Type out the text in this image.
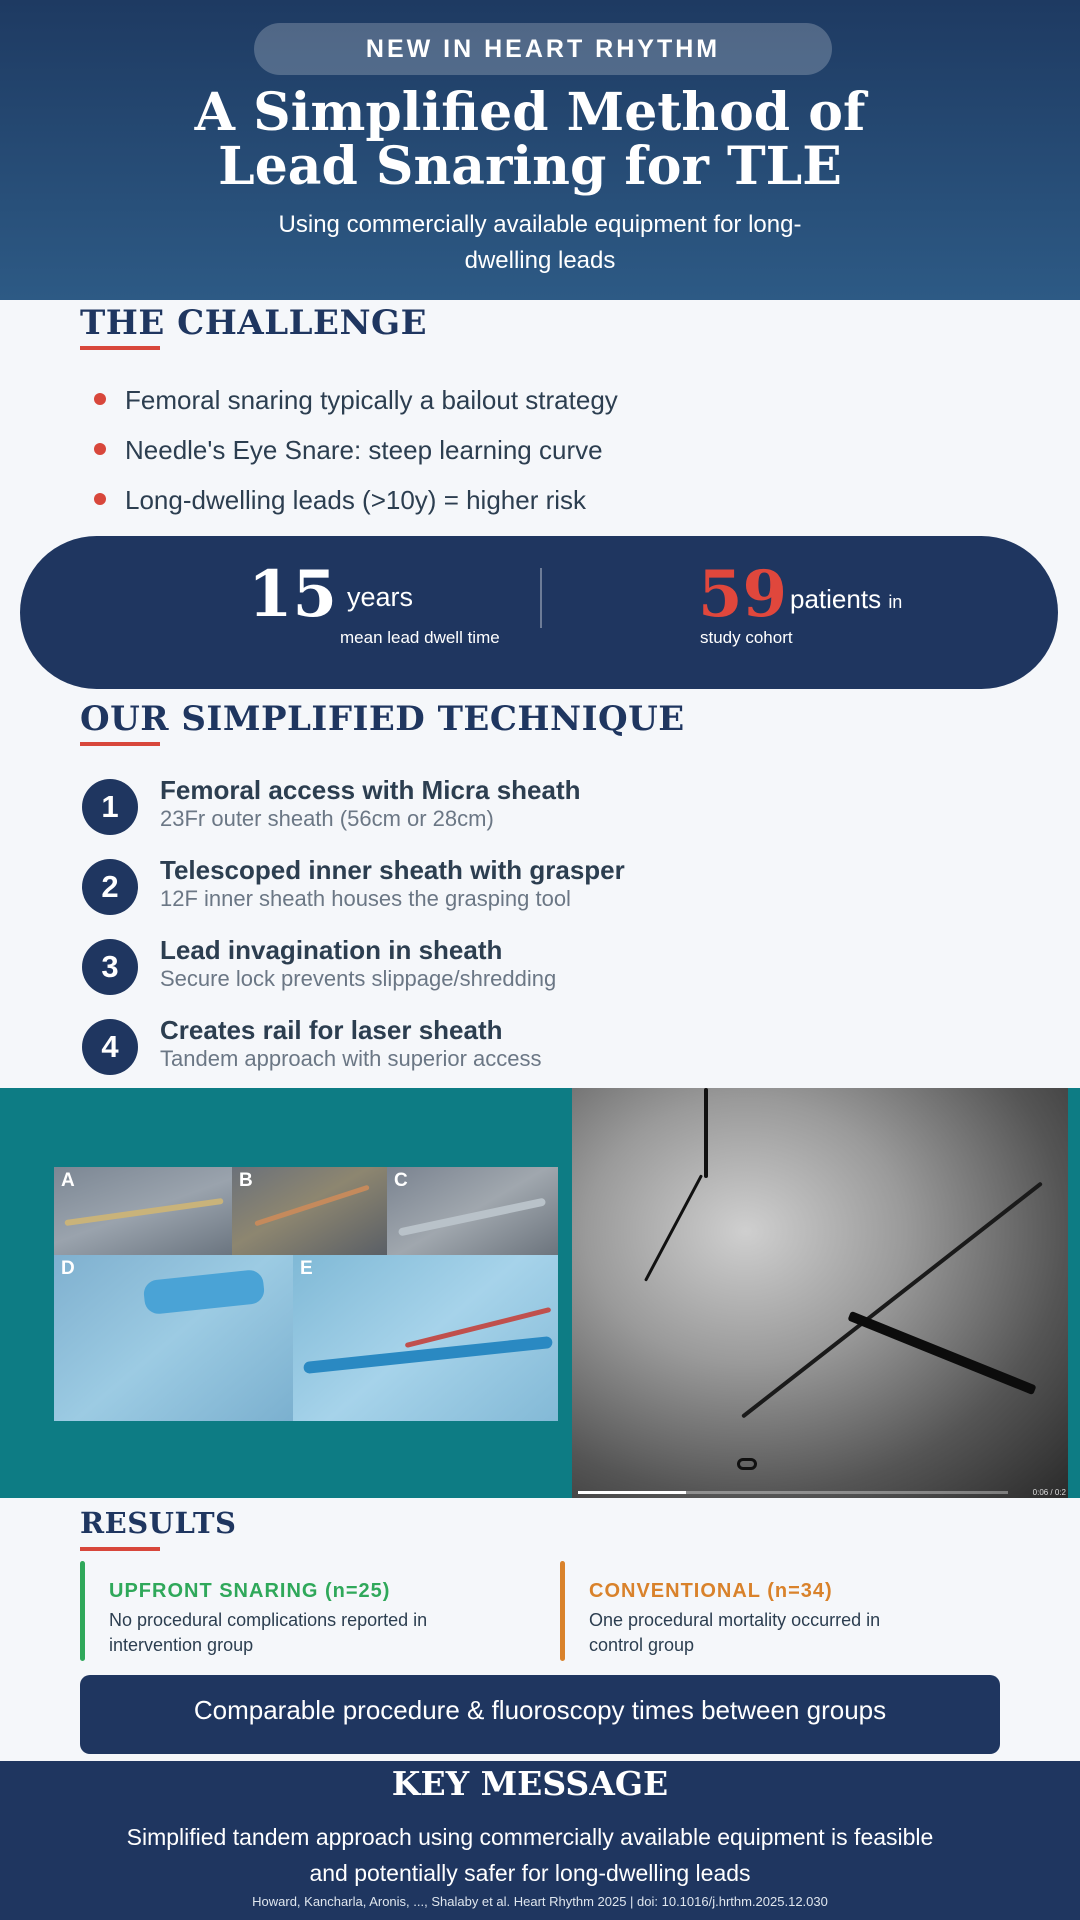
NEW IN HEART RHYTHM
A Simplified Method of
Lead Snaring for TLE
Using commercially available equipment for long-dwelling leads
THE CHALLENGE
Femoral snaring typically a bailout strategy
Needle's Eye Snare: steep learning curve
Long-dwelling leads (>10y) = higher risk
15 years
mean lead dwell time
59 patients in
study cohort
OUR SIMPLIFIED TECHNIQUE
1	Femoral access with Micra sheath
23Fr outer sheath (56cm or 28cm)
2	Telescoped inner sheath with grasper
12F inner sheath houses the grasping tool
3	Lead invagination in sheath
Secure lock prevents slippage/shredding
4	Creates rail for laser sheath
Tandem approach with superior access
A	B	C
D	E
0:06 / 0:2
RESULTS
UPFRONT SNARING (n=25)
No procedural complications reported in intervention group
CONVENTIONAL (n=34)
One procedural mortality occurred in control group
Comparable procedure & fluoroscopy times between groups
KEY MESSAGE
Simplified tandem approach using commercially available equipment is feasible and potentially safer for long-dwelling leads
Howard, Kancharla, Aronis, ..., Shalaby et al. Heart Rhythm 2025 | doi: 10.1016/j.hrthm.2025.12.030
